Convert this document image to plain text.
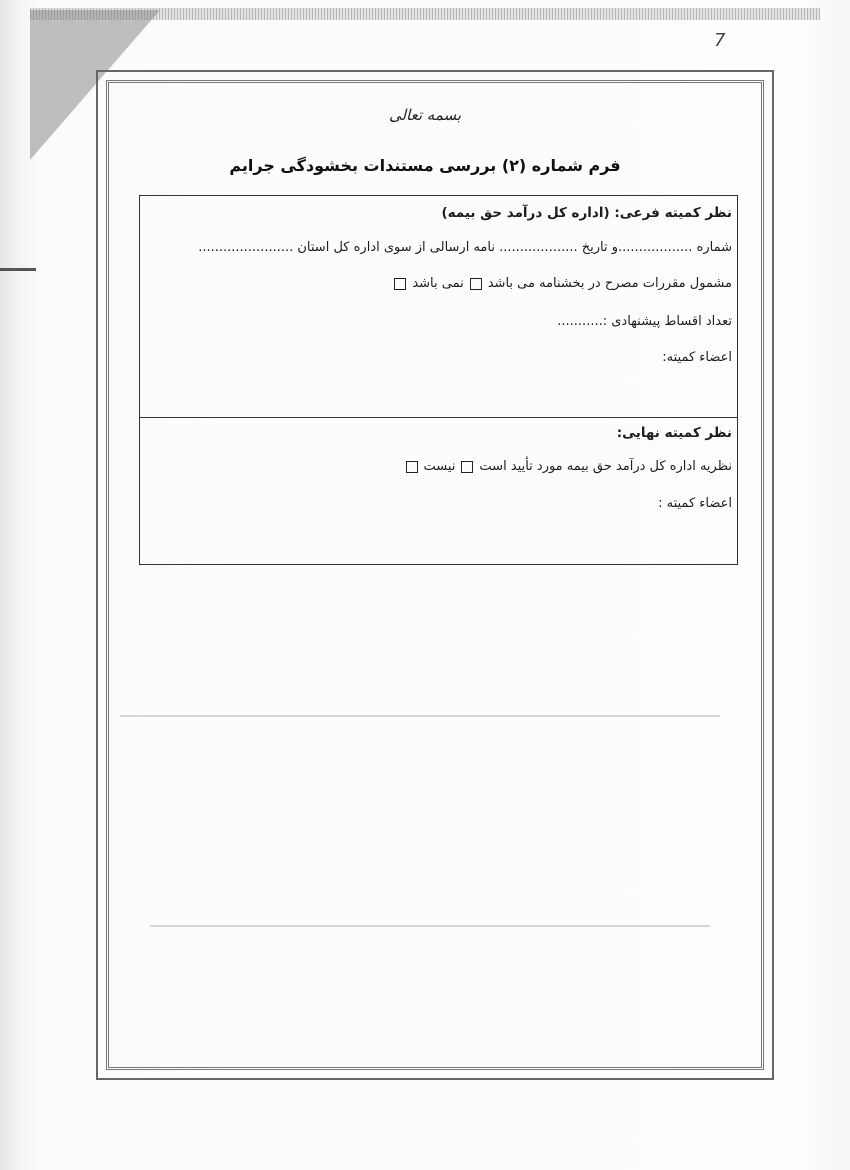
7
بسمه تعالی
فرم شماره (۲) بررسی مستندات بخشودگی جرایم
نظر کمیته فرعی: (اداره کل درآمد حق بیمه)
شماره ..................و تاریخ ................... نامه ارسالی از سوی اداره کل استان .......................
مشمول مقررات مصرح در بخشنامه می باشدنمی باشد
تعداد اقساط پیشنهادی :...........
اعضاء کمیته:
نظر کمیته نهایی:
نظریه اداره کل درآمد حق بیمه مورد تأیید استنیست
اعضاء کمیته :
